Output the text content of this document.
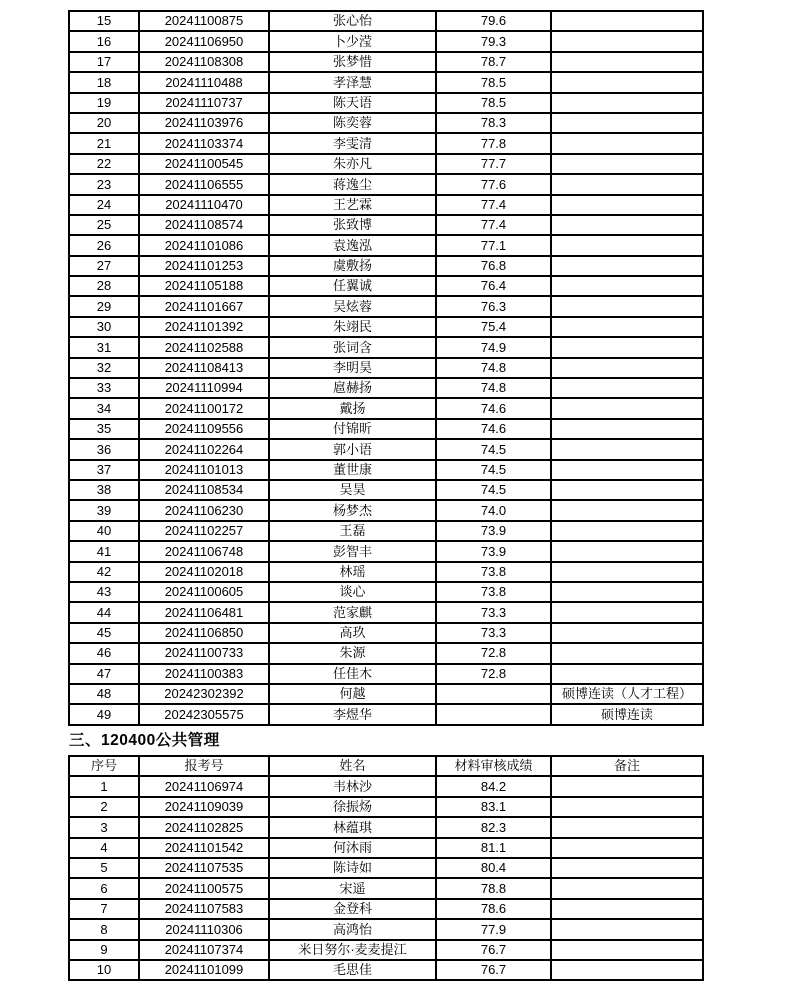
15	20241100875	张心怡	79.6	
16	20241106950	卜少滢	79.3	
17	20241108308	张梦惜	78.7	
18	20241110488	孝泽慧	78.5	
19	20241110737	陈天语	78.5	
20	20241103976	陈奕蓉	78.3	
21	20241103374	李雯清	77.8	
22	20241100545	朱亦凡	77.7	
23	20241106555	蒋逸尘	77.6	
24	20241110470	王艺霖	77.4	
25	20241108574	张致博	77.4	
26	20241101086	袁逸泓	77.1	
27	20241101253	虞敷扬	76.8	
28	20241105188	任翼诚	76.4	
29	20241101667	吴炫蓉	76.3	
30	20241101392	朱翊民	75.4	
31	20241102588	张词含	74.9	
32	20241108413	李明昊	74.8	
33	20241110994	扈赫扬	74.8	
34	20241100172	戴扬	74.6	
35	20241109556	付锦昕	74.6	
36	20241102264	郭小语	74.5	
37	20241101013	董世康	74.5	
38	20241108534	吴昊	74.5	
39	20241106230	杨梦杰	74.0	
40	20241102257	王磊	73.9	
41	20241106748	彭智丰	73.9	
42	20241102018	林瑶	73.8	
43	20241100605	谈心	73.8	
44	20241106481	范家麒	73.3	
45	20241106850	高玖	73.3	
46	20241100733	朱源	72.8	
47	20241100383	任佳木	72.8	
48	20242302392	何越		硕博连读（人才工程）
49	20242305575	李煜华		硕博连读
三、120400公共管理
序号	报考号	姓名	材料审核成绩	备注
1	20241106974	韦林沙	84.2	
2	20241109039	徐振炀	83.1	
3	20241102825	林蕴琪	82.3	
4	20241101542	何沐雨	81.1	
5	20241107535	陈诗如	80.4	
6	20241100575	宋遥	78.8	
7	20241107583	金登科	78.6	
8	20241110306	高鸿怡	77.9	
9	20241107374	米日努尔·麦麦提江	76.7	
10	20241101099	毛思佳	76.7	
